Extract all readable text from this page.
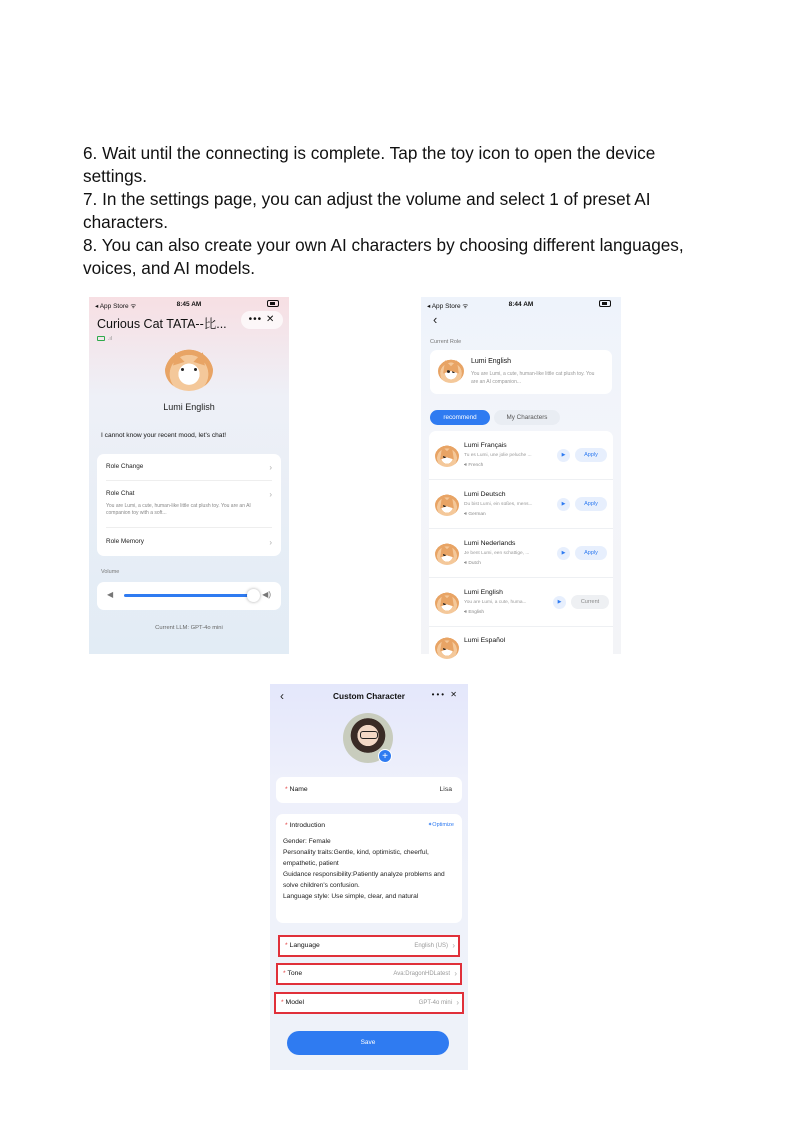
6. Wait until the connecting is complete. Tap the toy icon to open the device settings.

7. In the settings page, you can adjust the volume and select 1 of preset AI characters.

8. You can also create your own AI characters by choosing different languages, voices, and AI models.

◂ App Store ᯤ	8:45 AM
Curious Cat TATA--比...	••• ✕
.ıl
Lumi English
I cannot know your recent mood, let's chat!
Role Change	›
Role Chat	›
You are Lumi, a cute, human-like little cat plush toy. You are an AI companion toy with a soft...
Role Memory	›
Volume
◀	◀)
Current LLM: GPT-4o mini
◂ App Store ᯤ	8:44 AM
‹
Current Role
Lumi English
You are Lumi, a cute, human-like little cat plush toy. You are an AI companion...
recommend	My Characters
Lumi Français
Tu es Lumi, une jolie peluche ...
🔊︎ French
▶	Apply
Lumi Deutsch
Du bist Lumi, ein süßes, mens...
🔊︎ German
▶	Apply
Lumi Nederlands
Je bent Lumi, een schattige, ...
🔊︎ Dutch
▶	Apply
Lumi English
You are Lumi, a cute, huma...
🔊︎ English
▶	Current
Lumi Español
‹	Custom Character	••• ✕
+
* Name	Lisa
* Introduction	✦Optimize
Gender: Female
Personality traits:Gentle, kind, optimistic, cheerful, empathetic, patient
Guidance responsibility:Patiently analyze problems and solve children's confusion.
Language style: Use simple, clear, and natural
* Language	English (US) ›
* Tone	Ava:DragonHDLatest ›
* Model	GPT-4o mini ›
Save
